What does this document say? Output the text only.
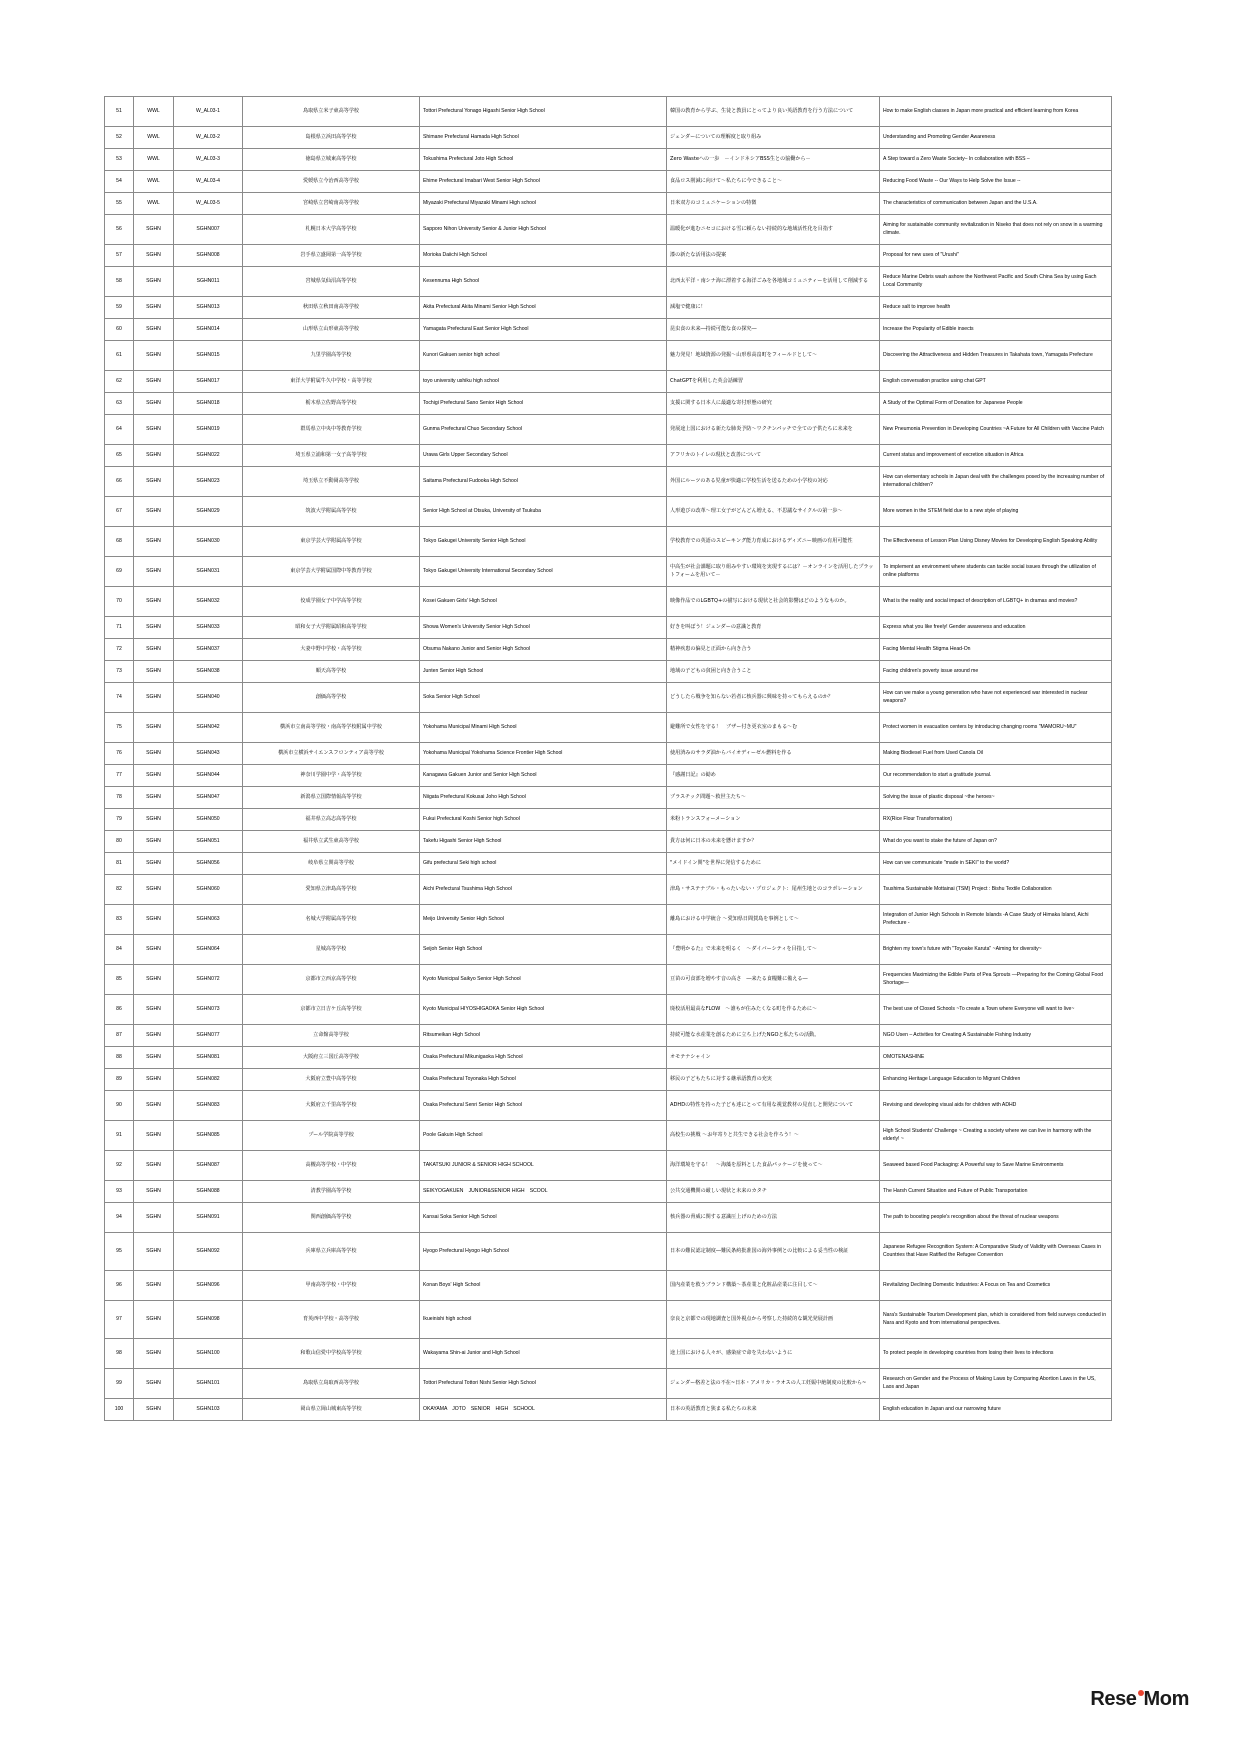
51	WWL	W_AL03-1	鳥取県立米子東高等学校	Tottori Prefectural Yonago Higashi Senior High School	韓国の教育から学ぶ、生徒と教員にとってより良い英語教育を行う方法について	How to make English classes in Japan more practical and efficient learning from Korea
52	WWL	W_AL03-2	島根県立浜田高等学校	Shimane Prefectural Hamada High School	ジェンダーについての理解度と取り組み	Understanding and Promoting Gender Awareness
53	WWL	W_AL03-3	徳島県立城東高等学校	Tokushima Prefectural Joto High School	Zero Wasteへの一歩　－インドネシアBSS生との協働から－	A Step toward a Zero Waste Society– In collaboration with BSS –
54	WWL	W_AL03-4	愛媛県立今治西高等学校	Ehime Prefectural Imabari West Senior High School	食品ロス削減に向けて～私たちに今できること～	Reducing Food Waste -- Our Ways to Help Solve the Issue --
55	WWL	W_AL03-5	宮崎県立宮崎南高等学校	Miyazaki Prefectural Miyazaki Minami High school	日米双方のコミュニケーションの特徴	The characteristics of communication between Japan and the U.S.A.
56	SGHN	SGHN007	札幌日本大学高等学校	Sapporo Nihon University Senior & Junior High School	温暖化が進むニセコにおける雪に頼らない持続的な地域活性化を目指す	Aiming for sustainable community revitalization in Niseko that does not rely on snow in a warming climate.
57	SGHN	SGHN008	岩手県立盛岡第一高等学校	Morioka Daiichi High School	漆の新たな活用法の提案	Proposal for new uses of "Urushi"
58	SGHN	SGHN011	宮城県気仙沼高等学校	Kesennuma High School	北西太平洋・南シナ海に漂着する海洋ごみを各地域コミュニティーを活用して削減する	Reduce Marine Debris wash ashore the Northwest Pacific and South China Sea by using Each Local Community
59	SGHN	SGHN013	秋田県立秋田南高等学校	Akita Prefectural Akita Minami Senior High School	減塩で健康に！	Reduce salt to improve health
60	SGHN	SGHN014	山形県立山形東高等学校	Yamagata Prefectural East Senior High School	昆虫食の未来―持続可能な食の探究―	Increase the Popularity of Edible insects
61	SGHN	SGHN015	九里学園高等学校	Kunori Gakuen senior high school	魅力発見！地域資源の発掘～山形県高畠町をフィールドとして～	Discovering the Attractiveness and Hidden Treasures in Takahata town, Yamagata Prefecture
62	SGHN	SGHN017	東洋大学附属牛久中学校・高等学校	toyo university ushiku high school	ChatGPTを利用した英会話練習	English conversation practice using chat GPT
63	SGHN	SGHN018	栃木県立佐野高等学校	Tochigi Prefectural Sano Senior High School	支援に関する日本人に最適な寄付形態の研究	A Study of the Optimal Form of Donation for Japanese People
64	SGHN	SGHN019	群馬県立中央中等教育学校	Gunma Prefectural Chuo Secondary School	発展途上国における新たな肺炎予防～ワクチンパッチで全ての子供たちに未来を	New Pneumonia Prevention in Developing Countries ~A Future for All Children with Vaccine Patch
65	SGHN	SGHN022	埼玉県立浦和第一女子高等学校	Urawa Girls Upper Secondary School	アフリカのトイレの現状と改善について	Current status and improvement of excretion situation in Africa
66	SGHN	SGHN023	埼玉県立不動岡高等学校	Saitama Prefectural Fudooka High School	外国にルーツのある児童が快適に学校生活を送るための小学校の対応	How can elementary schools in Japan deal with the challenges posed by the increasing number of international children?
67	SGHN	SGHN029	筑波大学附属高等学校	Senior High School at Otsuka, University of Tsukuba	人形遊びの改革～理工女子がどんどん増える、不思議なサイクルの第一歩～	More women in the STEM field due to a new style of playing
68	SGHN	SGHN030	東京学芸大学附属高等学校	Tokyo Gakugei University Senior High School	学校教育での英語のスピーキング能力育成におけるディズニー映画の有用可能性	The Effectiveness of Lesson Plan Using Disney Movies for Developing English Speaking Ability
69	SGHN	SGHN031	東京学芸大学附属国際中等教育学校	Tokyo Gakugei University International Secondary School	中高生が社会課題に取り組みやすい環境を実現するには？－オンラインを活用したプラットフォームを用いて－	To implement an environment where students can tackle social issues through the utilization of online platforms
70	SGHN	SGHN032	佼成学園女子中学高等学校	Kosei Gakuen Girls' High School	映像作品でのLGBTQ+の描写における現状と社会的影響はどのようなものか。	What is the reality and social impact of description of LGBTQ+ in dramas and movies?
71	SGHN	SGHN033	昭和女子大学附属昭和高等学校	Showa Women's University Senior High School	好きを叫ぼう！ジェンダーの意識と教育	Express what you like freely! Gender awareness and education
72	SGHN	SGHN037	大妻中野中学校・高等学校	Otsuma Nakano Junior and Senior High School	精神疾患の偏見と正面から向き合う	Facing Mental Health Stigma Head-On
73	SGHN	SGHN038	順天高等学校	Junten Senior High School	地域の子どもの貧困と向き合うこと	Facing children's poverty issue around me
74	SGHN	SGHN040	創価高等学校	Soka Senior High School	どうしたら戦争を知らない若者に核兵器に興味を持ってもらえるのか？	How can we make a young generation who have not experienced war interested in nuclear weapons?
75	SGHN	SGHN042	横浜市立南高等学校・南高等学校附属中学校	Yokohama Municipal Minami High School	避難所で女性を守る！　ブザー付き更衣室のまもる～む	Protect women in evacuation centers by introducing changing rooms "MAMORU~MU"
76	SGHN	SGHN043	横浜市立横浜サイエンスフロンティア高等学校	Yokohama Municipal Yokohama Science Frontier High School	使用済みのサラダ油からバイオディーゼル燃料を作る	Making Biodiesel Fuel from Used Canola Oil
77	SGHN	SGHN044	神奈川学園中学・高等学校	Kanagawa Gakuen Junior and Senior High School	『感謝日記』の勧め	Our recommendation to start a gratitude journal.
78	SGHN	SGHN047	新潟県立国際情報高等学校	Niigata Prefectural Kokusai Joho High School	プラスチック問題～救世主たち～	Solving the issue of plastic disposal ~the heroes~
79	SGHN	SGHN050	福井県立高志高等学校	Fukui Prefectural Koshi Senior high School	米粉トランスフォーメーション	RX(Rice Flour Transformation)
80	SGHN	SGHN051	福井県立武生東高等学校	Takefu Higashi Senior High School	貴方は何に日本の未来を懸けますか？	What do you want to stake the future of Japan on?
81	SGHN	SGHN056	岐阜県立関高等学校	Gifu prefectural Seki high school	"メイドイン関"を世界に発信するために	How can we communicate "made in SEKI" to the world?
82	SGHN	SGHN060	愛知県立津島高等学校	Aichi Prefectural Tsushima High School	津島・サステナブル・もったいない・プロジェクト：尾州生地とのコラボレーション	Tsushima Sustainable Mottainai (TSM) Project : Bishu Textile Collaboration
83	SGHN	SGHN063	名城大学附属高等学校	Meijo University Senior High School	離島における中学統合 ～愛知県日間賀島を事例として～	Integration of Junior High Schools in Remote Islands -A Case Study of Himaka Island, Aichi Prefecture -
84	SGHN	SGHN064	星城高等学校	Seijoh Senior High School	『豊明かるた』で未来を明るく　～ダイバーシティを目指して～	Brighten my town's future with "Toyoake Karuta" ~Aiming for diversity~
85	SGHN	SGHN072	京都市立西京高等学校	Kyoto Municipal Saikyo Senior High School	豆苗の可食部を増やす音の高さ　―来たる食糧難に備える―	Frequencies Maximizing the Edible Parts of Pea Sprouts ―Preparing for the Coming Global Food Shortage―
86	SGHN	SGHN073	京都市立日吉ケ丘高等学校	Kyoto Municipal HIYOSHIGAOKA Senior High School	廃校活用最高なFLOW　～誰もが住みたくなる町を作るために～	The best use of Closed Schools ~To create a Town where Everyone will want to live~
87	SGHN	SGHN077	立命館高等学校	Ritsumeikan High School	持続可能な水産業を創るために立ち上げたNGOと私たちの活動。	NGO Usen – Activities for Creating A Sustainable Fishing Industry
88	SGHN	SGHN081	大阪府立三国丘高等学校	Osaka Prefectural Mikunigaoka High School	オモテナシャイン	OMOTENASHINE
89	SGHN	SGHN082	大阪府立豊中高等学校	Osaka Prefectural Toyonaka High School	移民の子どもたちに対する継承語教育の充実	Enhancing Heritage Language Education to Migrant Children
90	SGHN	SGHN083	大阪府立千里高等学校	Osaka Prefectural Senri Senior High School	ADHDの特性を持った子ども達にとって有用な視覚教材の見直しと開発について	Revising and developing visual aids for children with ADHD
91	SGHN	SGHN085	プール学院高等学校	Poole Gakuin High School	高校生の挑戦 ～お年寄りと共生できる社会を作ろう！～	High School Students' Challenge ~ Creating a society where we can live in harmony with the elderly! ~
92	SGHN	SGHN087	高槻高等学校・中学校	TAKATSUKI JUNIOR & SENIOR HIGH SCHOOL	海洋環境を守る！　～海藻を原料とした食品パッケージを使って～	Seaweed based Food Packaging: A Powerful way to Save Marine Environments
93	SGHN	SGHN088	清教学園高等学校	SEIKYOGAKUEN　JUNIOR&SENIOR HIGH　SCOOL	公共交通機関の厳しい現状と未来のカタチ	The Harsh Current Situation and Future of Public Transportation
94	SGHN	SGHN091	関西創価高等学校	Kansai Soka Senior High School	核兵器の脅威に関する意識圧上げのための方法	The path to boosting people's recognition about the threat of nuclear weapons
95	SGHN	SGHN092	兵庫県立兵庫高等学校	Hyogo Prefectural Hyogo High School	日本の難民認定制度―難民条約批准国の海外事例との比較による妥当性の検証	Japanese Refugee Recognition System: A Comparative Study of Validity with Overseas Cases in Countries that Have Ratified the Refugee Convention
96	SGHN	SGHN096	甲南高等学校・中学校	Konan Boys' High School	国内産業を救うブランド構築～茶産業と化粧品産業に注目して～	Revitalizing Declining Domestic Industries: A Focus on Tea and Cosmetics
97	SGHN	SGHN098	育英西中学校・高等学校	Ikueinishi high school	奈良と京都での現地調査と国外視点から考察した持続的な観光発展計画	Nara's Sustainable Tourism Development plan, which is considered from field surveys conducted in Nara and Kyoto and from international perspectives.
98	SGHN	SGHN100	和歌山信愛中学校高等学校	Wakayama Shin-ai Junior and High School	途上国における人々が、感染症で命を失わないように	To protect people in developing countries from losing their lives to infections
99	SGHN	SGHN101	鳥取県立鳥取西高等学校	Tottori Prefectural Tottori Nishi Senior High School	ジェンダー格差と法の不在~日本・アメリカ・ラオスの人工妊娠中絶制度の比較から~	Research on Gender and the Process of Making Laws by Comparing Abortion Laws in the US, Laos and Japan
100	SGHN	SGHN103	岡山県立岡山城東高等学校	OKAYAMA　JOTO　SENIOR　HIGH　SCHOOL	日本の英語教育と狭まる私たちの未来	English education in Japan and our narrowing future
Rese Mom
